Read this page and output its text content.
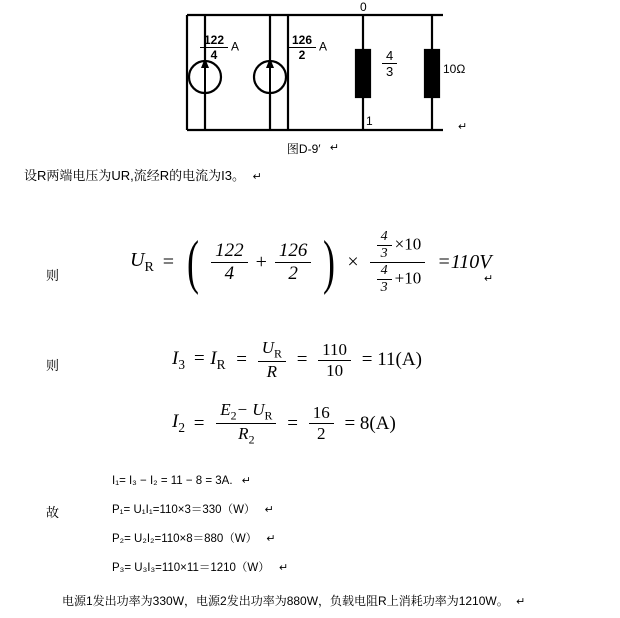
0
1
$\frac{122}{4}$ A	$\frac{126}{2}$ A
$\frac{4}{3}$	10Ω
图D-9′ ↵
↵
设R两端电压为UR,流经R的电流为I3。 ↵
则
$U_R$ = ( $\frac{122}{4} + \frac{126}{2}$ ) × $\frac{\frac{4}{3} \times 10}{\frac{4}{3} +10} =110V$
↵
则	$I_3 = I_R = \frac{U_R}{R} = \frac{110}{10} = 11(A)$
$I_2 = \frac{E_2- U_R}{R_2} = \frac{16}{2} = 8(A)$
故
I₁= I₃ − I₂ = 11 − 8 = 3A. ↵
P₁= U₁I₁=110×3＝330（W） ↵
P₂= U₂I₂=110×8＝880（W） ↵
P₃= U₃I₃=110×11＝1210（W） ↵
电源1发出功率为330W，电源2发出功率为880W，负载电阻R上消耗功率为1210W。 ↵
